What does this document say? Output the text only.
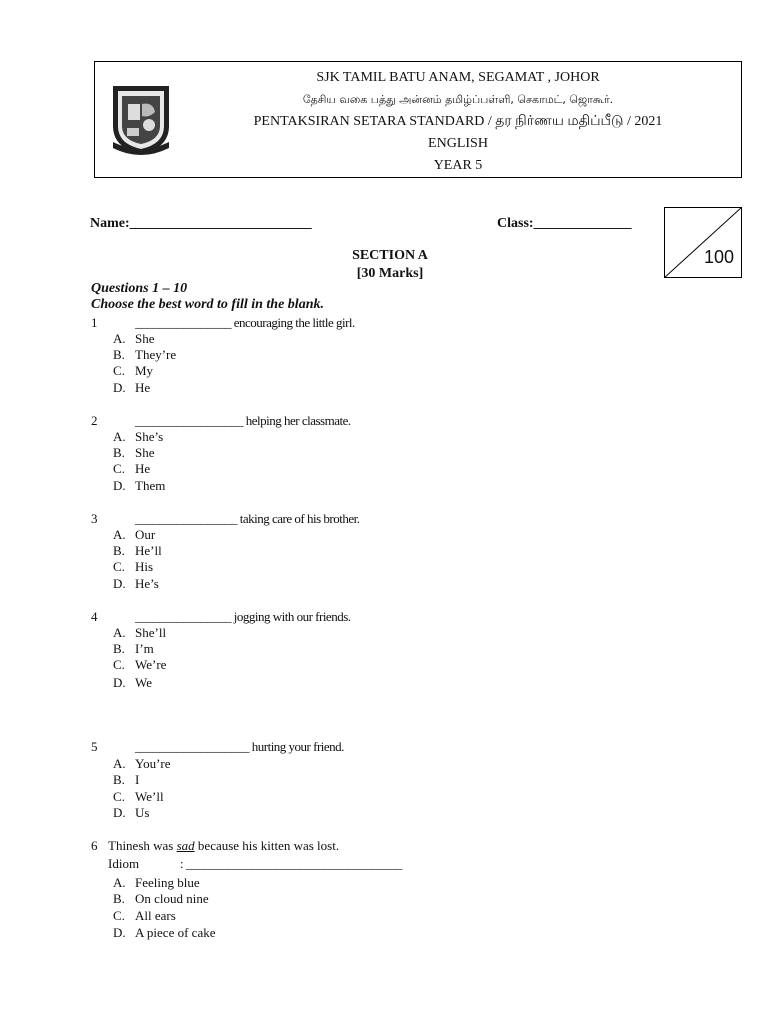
SJK TAMIL BATU ANAM, SEGAMAT , JOHOR
தேசிய வகை பத்து அன்னம் தமிழ்ப்பள்ளி, செகாமட், ஜொகூர்.
PENTAKSIRAN SETARA STANDARD / தர நிர்ணய மதிப்பீடு / 2021
ENGLISH
YEAR 5
100
Name:__________________________	Class:______________
SECTION A
[30 Marks]
Questions 1 – 10
Choose the best word to fill in the blank.
1	________________ encouraging the little girl.
A. She
B. They’re
C. My
D. He
2	__________________ helping her classmate.
A. She’s
B. She
C. He
D. Them
3	_________________ taking care of his brother.
A. Our
B. He’ll
C. His
D. He’s
4	________________ jogging with our friends.
A. She’ll
B. I’m
C. We’re
D. We
5	___________________ hurting your friend.
A. You’re
B. I
C. We’ll
D. Us
6 Thinesh was sad because his kitten was lost.
Idiom	: ____________________________________
A. Feeling blue
B. On cloud nine
C. All ears
D. A piece of cake
